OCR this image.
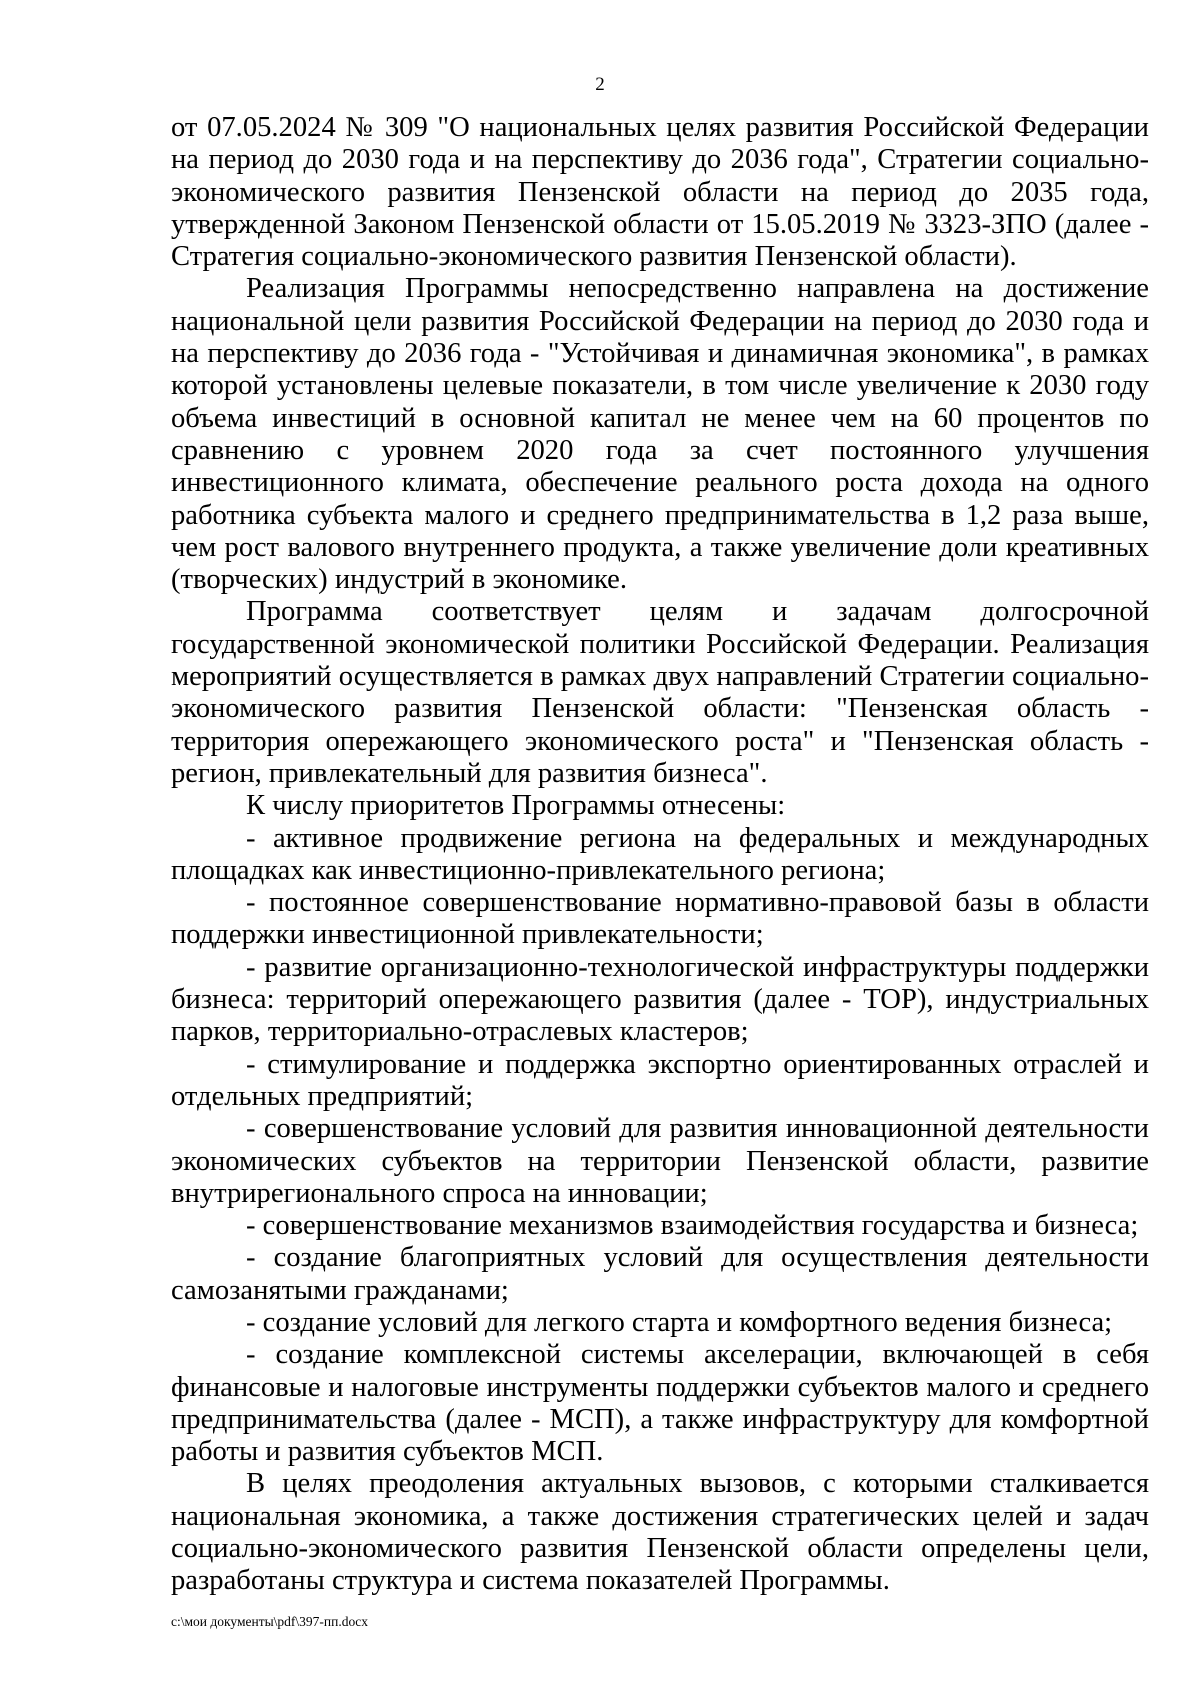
2

от 07.05.2024 № 309 "О национальных целях развития Российской Федерации на период до 2030 года и на перспективу до 2036 года", Стратегии социально-экономического развития Пензенской области на период до 2035 года, утвержденной Законом Пензенской области от 15.05.2019 № 3323-ЗПО (далее - Стратегия социально-экономического развития Пензенской области).

Реализация Программы непосредственно направлена на достижение национальной цели развития Российской Федерации на период до 2030 года и на перспективу до 2036 года - "Устойчивая и динамичная экономика", в рамках которой установлены целевые показатели, в том числе увеличение к 2030 году объема инвестиций в основной капитал не менее чем на 60 процентов по сравнению с уровнем 2020 года за счет постоянного улучшения инвестиционного климата, обеспечение реального роста дохода на одного работника субъекта малого и среднего предпринимательства в 1,2 раза выше, чем рост валового внутреннего продукта, а также увеличение доли креативных (творческих) индустрий в экономике.

Программа соответствует целям и задачам долгосрочной государственной экономической политики Российской Федерации. Реализация мероприятий осуществляется в рамках двух направлений Стратегии социально-экономического развития Пензенской области: "Пензенская область - территория опережающего экономического роста" и "Пензенская область - регион, привлекательный для развития бизнеса".

К числу приоритетов Программы отнесены:

- активное продвижение региона на федеральных и международных площадках как инвестиционно-привлекательного региона;

- постоянное совершенствование нормативно-правовой базы в области поддержки инвестиционной привлекательности;

- развитие организационно-технологической инфраструктуры поддержки бизнеса: территорий опережающего развития (далее - ТОР), индустриальных парков, территориально-отраслевых кластеров;

- стимулирование и поддержка экспортно ориентированных отраслей и отдельных предприятий;

- совершенствование условий для развития инновационной деятельности экономических субъектов на территории Пензенской области, развитие внутрирегионального спроса на инновации;

- совершенствование механизмов взаимодействия государства и бизнеса;

- создание благоприятных условий для осуществления деятельности самозанятыми гражданами;

- создание условий для легкого старта и комфортного ведения бизнеса;

- создание комплексной системы акселерации, включающей в себя финансовые и налоговые инструменты поддержки субъектов малого и среднего предпринимательства (далее - МСП), а также инфраструктуру для комфортной работы и развития субъектов МСП.

В целях преодоления актуальных вызовов, с которыми сталкивается национальная экономика, а также достижения стратегических целей и задач социально-экономического развития Пензенской области определены цели, разработаны структура и система показателей Программы.

c:\мои документы\pdf\397-пп.docx
